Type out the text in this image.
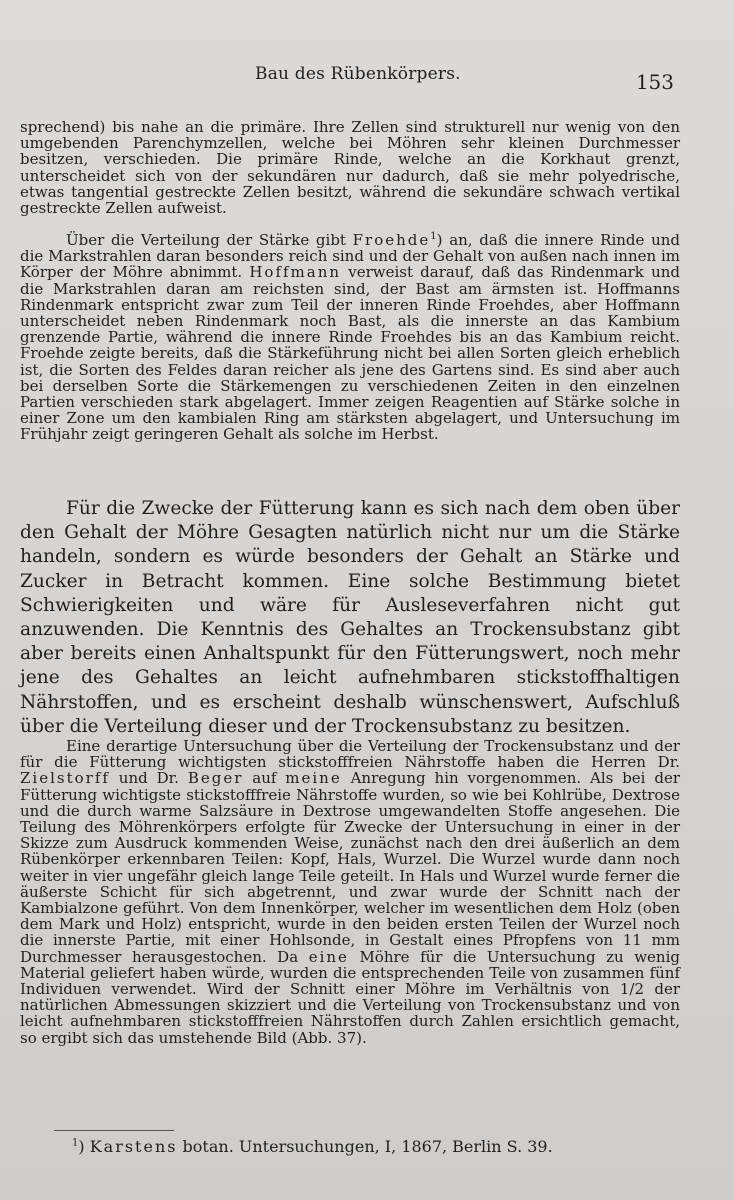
Bau des Rübenkörpers.	153

sprechend) bis nahe an die primäre. Ihre Zellen sind strukturell nur wenig von den umgebenden Parenchymzellen, welche bei Möhren sehr kleinen Durchmesser besitzen, verschieden. Die primäre Rinde, welche an die Korkhaut grenzt, unterscheidet sich von der sekundären nur dadurch, daß sie mehr polyedrische, etwas tangential gestreckte Zellen besitzt, während die sekundäre schwach vertikal gestreckte Zellen aufweist.

Über die Verteilung der Stärke gibt Froehde$^1$) an, daß die innere Rinde und die Markstrahlen daran besonders reich sind und der Gehalt von außen nach innen im Körper der Möhre abnimmt. Hoffmann verweist darauf, daß das Rindenmark und die Markstrahlen daran am reichsten sind, der Bast am ärmsten ist. Hoffmanns Rindenmark entspricht zwar zum Teil der inneren Rinde Froehdes, aber Hoffmann unterscheidet neben Rindenmark noch Bast, als die innerste an das Kambium grenzende Partie, während die innere Rinde Froehdes bis an das Kambium reicht. Froehde zeigte bereits, daß die Stärkeführung nicht bei allen Sorten gleich erheblich ist, die Sorten des Feldes daran reicher als jene des Gartens sind. Es sind aber auch bei derselben Sorte die Stärkemengen zu verschiedenen Zeiten in den einzelnen Partien verschieden stark abgelagert. Immer zeigen Reagentien auf Stärke solche in einer Zone um den kambialen Ring am stärksten abgelagert, und Untersuchung im Frühjahr zeigt geringeren Gehalt als solche im Herbst.

Für die Zwecke der Fütterung kann es sich nach dem oben über den Gehalt der Möhre Gesagten natürlich nicht nur um die Stärke handeln, sondern es würde besonders der Gehalt an Stärke und Zucker in Betracht kommen. Eine solche Bestimmung bietet Schwierigkeiten und wäre für Ausleseverfahren nicht gut anzuwenden. Die Kenntnis des Gehaltes an Trockensubstanz gibt aber bereits einen Anhaltspunkt für den Fütterungswert, noch mehr jene des Gehaltes an leicht aufnehmbaren stickstoffhaltigen Nährstoffen, und es erscheint deshalb wünschenswert, Aufschluß über die Verteilung dieser und der Trockensubstanz zu besitzen.

Eine derartige Untersuchung über die Verteilung der Trockensubstanz und der für die Fütterung wichtigsten stickstofffreien Nährstoffe haben die Herren Dr. Zielstorff und Dr. Beger auf meine Anregung hin vorgenommen. Als bei der Fütterung wichtigste stickstofffreie Nährstoffe wurden, so wie bei Kohlrübe, Dextrose und die durch warme Salzsäure in Dextrose umgewandelten Stoffe angesehen. Die Teilung des Möhrenkörpers erfolgte für Zwecke der Untersuchung in einer in der Skizze zum Ausdruck kommenden Weise, zunächst nach den drei äußerlich an dem Rübenkörper erkennbaren Teilen: Kopf, Hals, Wurzel. Die Wurzel wurde dann noch weiter in vier ungefähr gleich lange Teile geteilt. In Hals und Wurzel wurde ferner die äußerste Schicht für sich abgetrennt, und zwar wurde der Schnitt nach der Kambialzone geführt. Von dem Innenkörper, welcher im wesentlichen dem Holz (oben dem Mark und Holz) entspricht, wurde in den beiden ersten Teilen der Wurzel noch die innerste Partie, mit einer Hohlsonde, in Gestalt eines Pfropfens von 11 mm Durchmesser herausgestochen. Da eine Möhre für die Untersuchung zu wenig Material geliefert haben würde, wurden die entsprechenden Teile von zusammen fünf Individuen verwendet. Wird der Schnitt einer Möhre im Verhältnis von 1/2 der natürlichen Abmessungen skizziert und die Verteilung von Trockensubstanz und von leicht aufnehmbaren stickstofffreien Nährstoffen durch Zahlen ersichtlich gemacht, so ergibt sich das umstehende Bild (Abb. 37).

$^1$) Karstens botan. Untersuchungen, I, 1867, Berlin S. 39.
